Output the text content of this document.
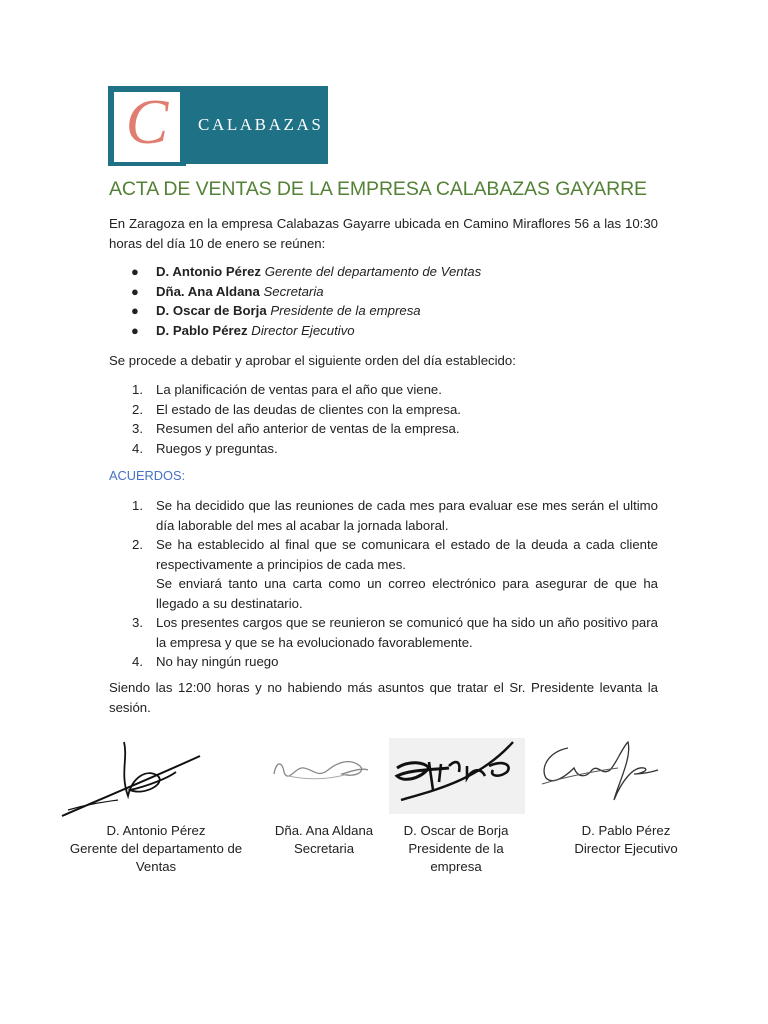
C	CALABAZAS
ACTA DE VENTAS DE LA EMPRESA CALABAZAS GAYARRE
En Zaragoza en la empresa Calabazas Gayarre ubicada en Camino Miraflores 56 a las 10:30 horas del día 10 de enero se reúnen:
● D. Antonio Pérez Gerente del departamento de Ventas
● Dña. Ana Aldana Secretaria
● D. Oscar de Borja Presidente de la empresa
● D. Pablo Pérez Director Ejecutivo
Se procede a debatir y aprobar el siguiente orden del día establecido:
1. La planificación de ventas para el año que viene.
2. El estado de las deudas de clientes con la empresa.
3. Resumen del año anterior de ventas de la empresa.
4. Ruegos y preguntas.
ACUERDOS:
1. Se ha decidido que las reuniones de cada mes para evaluar ese mes serán el ultimo día laborable del mes al acabar la jornada laboral.
2. Se ha establecido al final que se comunicara el estado de la deuda a cada cliente respectivamente a principios de cada mes.
Se enviará tanto una carta como un correo electrónico para asegurar de que ha llegado a su destinatario.
3. Los presentes cargos que se reunieron se comunicó que ha sido un año positivo para la empresa y que se ha evolucionado favorablemente.
4. No hay ningún ruego
Siendo las 12:00 horas y no habiendo más asuntos que tratar el Sr. Presidente levanta la sesión.
D. Antonio Pérez
Gerente del departamento de Ventas
Dña. Ana Aldana
Secretaria
D. Oscar de Borja
Presidente de la empresa
D. Pablo Pérez
Director Ejecutivo
